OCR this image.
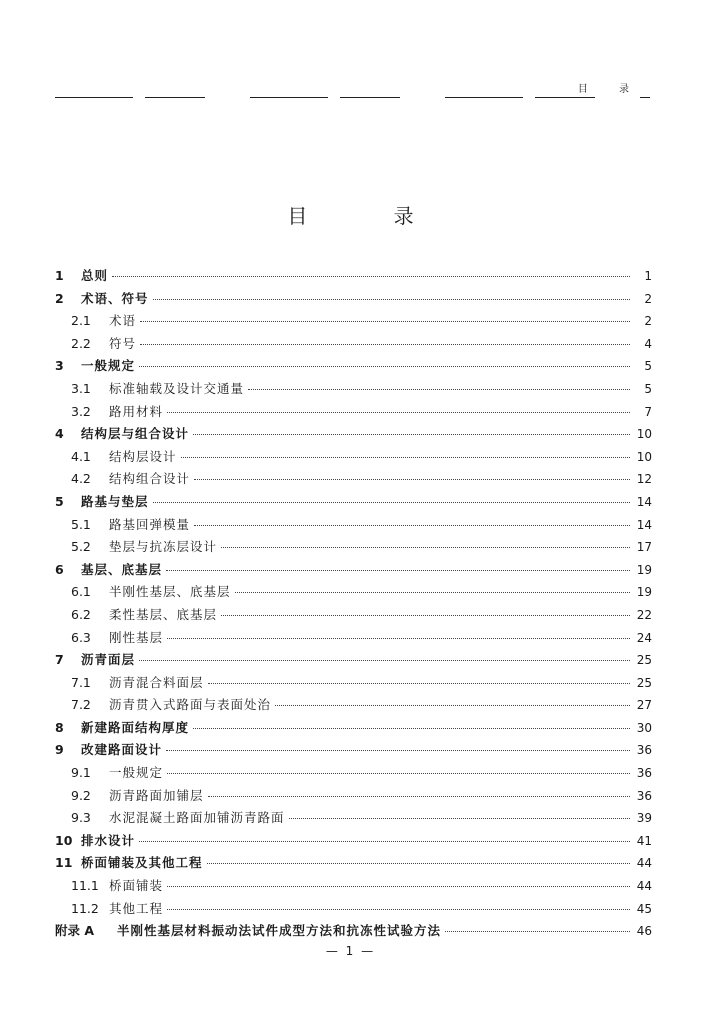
目 录
目 录
1	总则	1
2	术语、符号	2
2.1	术语	2
2.2	符号	4
3	一般规定	5
3.1	标准轴载及设计交通量	5
3.2	路用材料	7
4	结构层与组合设计	10
4.1	结构层设计	10
4.2	结构组合设计	12
5	路基与垫层	14
5.1	路基回弹模量	14
5.2	垫层与抗冻层设计	17
6	基层、底基层	19
6.1	半刚性基层、底基层	19
6.2	柔性基层、底基层	22
6.3	刚性基层	24
7	沥青面层	25
7.1	沥青混合料面层	25
7.2	沥青贯入式路面与表面处治	27
8	新建路面结构厚度	30
9	改建路面设计	36
9.1	一般规定	36
9.2	沥青路面加铺层	36
9.3	水泥混凝土路面加铺沥青路面	39
10 排水设计	41
11 桥面铺装及其他工程	44
11.1 桥面铺装	44
11.2 其他工程	45
附录 A	半刚性基层材料振动法试件成型方法和抗冻性试验方法	46
— 1 —
